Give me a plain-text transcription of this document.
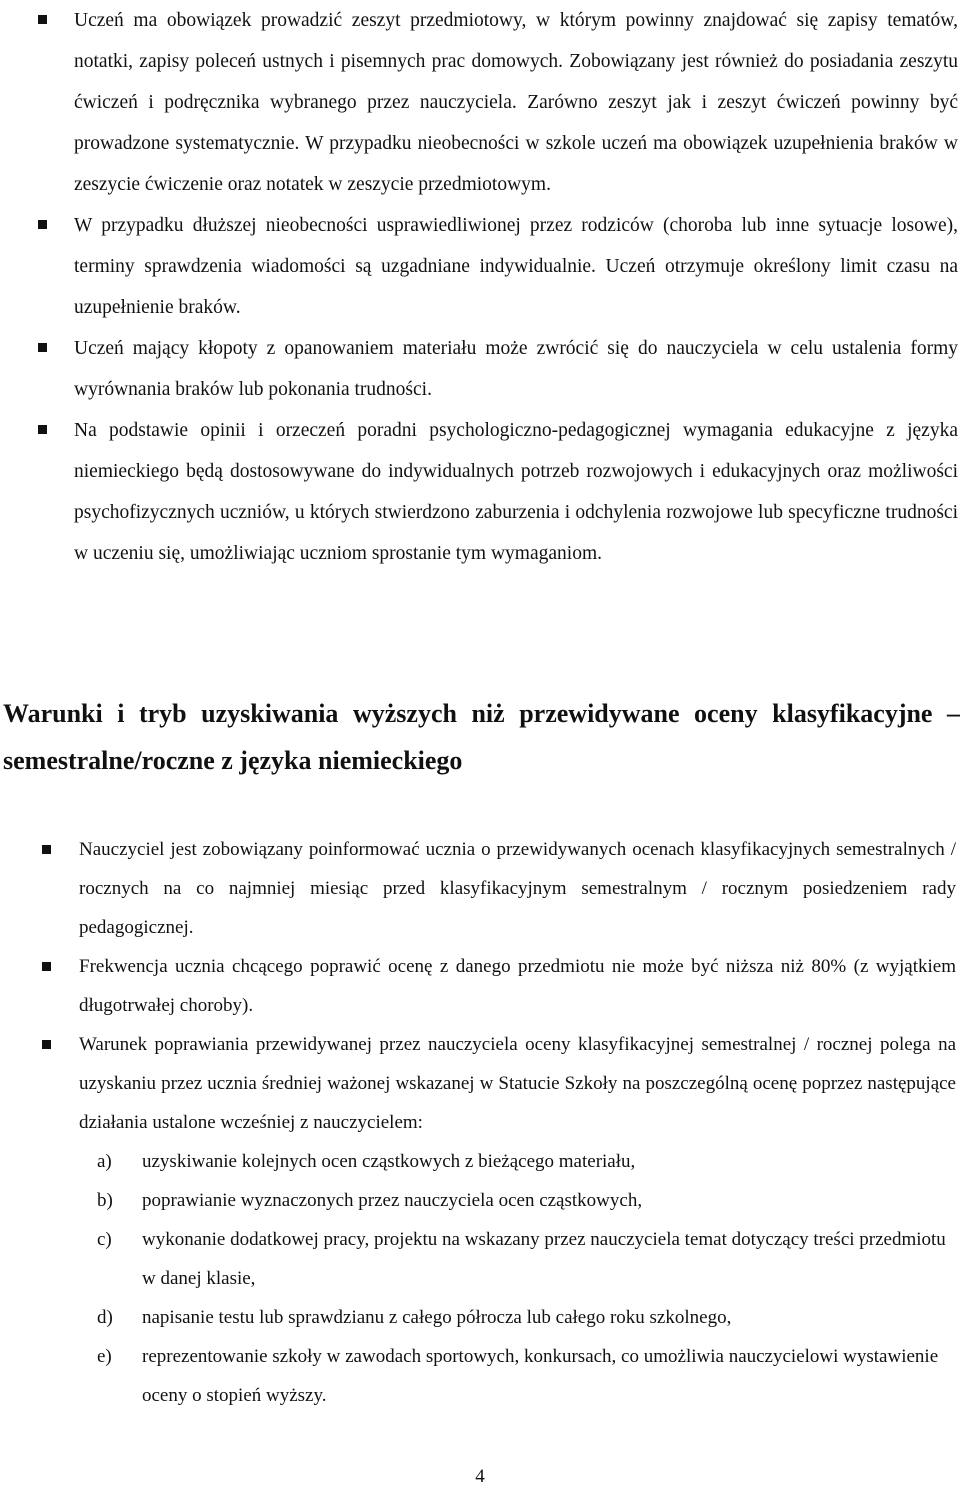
Uczeń ma obowiązek prowadzić zeszyt przedmiotowy, w którym powinny znajdować się zapisy tematów, notatki, zapisy poleceń ustnych i pisemnych prac domowych. Zobowiązany jest również do posiadania zeszytu ćwiczeń i podręcznika wybranego przez nauczyciela. Zarówno zeszyt jak i zeszyt ćwiczeń powinny być prowadzone systematycznie. W przypadku nieobecności w szkole uczeń ma obowiązek uzupełnienia braków w zeszycie ćwiczenie oraz notatek w zeszycie przedmiotowym.
W przypadku dłuższej nieobecności usprawiedliwionej przez rodziców (choroba lub inne sytuacje losowe), terminy sprawdzenia wiadomości są uzgadniane indywidualnie. Uczeń otrzymuje określony limit czasu na uzupełnienie braków.
Uczeń mający kłopoty z opanowaniem materiału może zwrócić się do nauczyciela w celu ustalenia formy wyrównania braków lub pokonania trudności.
Na podstawie opinii i orzeczeń poradni psychologiczno-pedagogicznej wymagania edukacyjne z języka niemieckiego będą dostosowywane do indywidualnych potrzeb rozwojowych i edukacyjnych oraz możliwości psychofizycznych uczniów, u których stwierdzono zaburzenia i odchylenia rozwojowe lub specyficzne trudności w uczeniu się, umożliwiając uczniom sprostanie tym wymaganiom.
Warunki i tryb uzyskiwania wyższych niż przewidywane oceny klasyfikacyjne – semestralne/roczne z języka niemieckiego
Nauczyciel jest zobowiązany poinformować ucznia o przewidywanych ocenach klasyfikacyjnych semestralnych / rocznych na co najmniej miesiąc przed klasyfikacyjnym semestralnym / rocznym posiedzeniem rady pedagogicznej.
Frekwencja ucznia chcącego poprawić ocenę z danego przedmiotu nie może być niższa niż 80% (z wyjątkiem długotrwałej choroby).
Warunek poprawiania przewidywanej przez nauczyciela oceny klasyfikacyjnej semestralnej / rocznej polega na uzyskaniu przez ucznia średniej ważonej wskazanej w Statucie Szkoły na poszczególną ocenę poprzez następujące działania ustalone wcześniej z nauczycielem:
a) uzyskiwanie kolejnych ocen cząstkowych z bieżącego materiału,
b) poprawianie wyznaczonych przez nauczyciela ocen cząstkowych,
c) wykonanie dodatkowej pracy, projektu na wskazany przez nauczyciela temat dotyczący treści przedmiotu w danej klasie,
d) napisanie testu lub sprawdzianu z całego półrocza lub całego roku szkolnego,
e) reprezentowanie szkoły w zawodach sportowych, konkursach, co umożliwia nauczycielowi wystawienie oceny o stopień wyższy.
4
